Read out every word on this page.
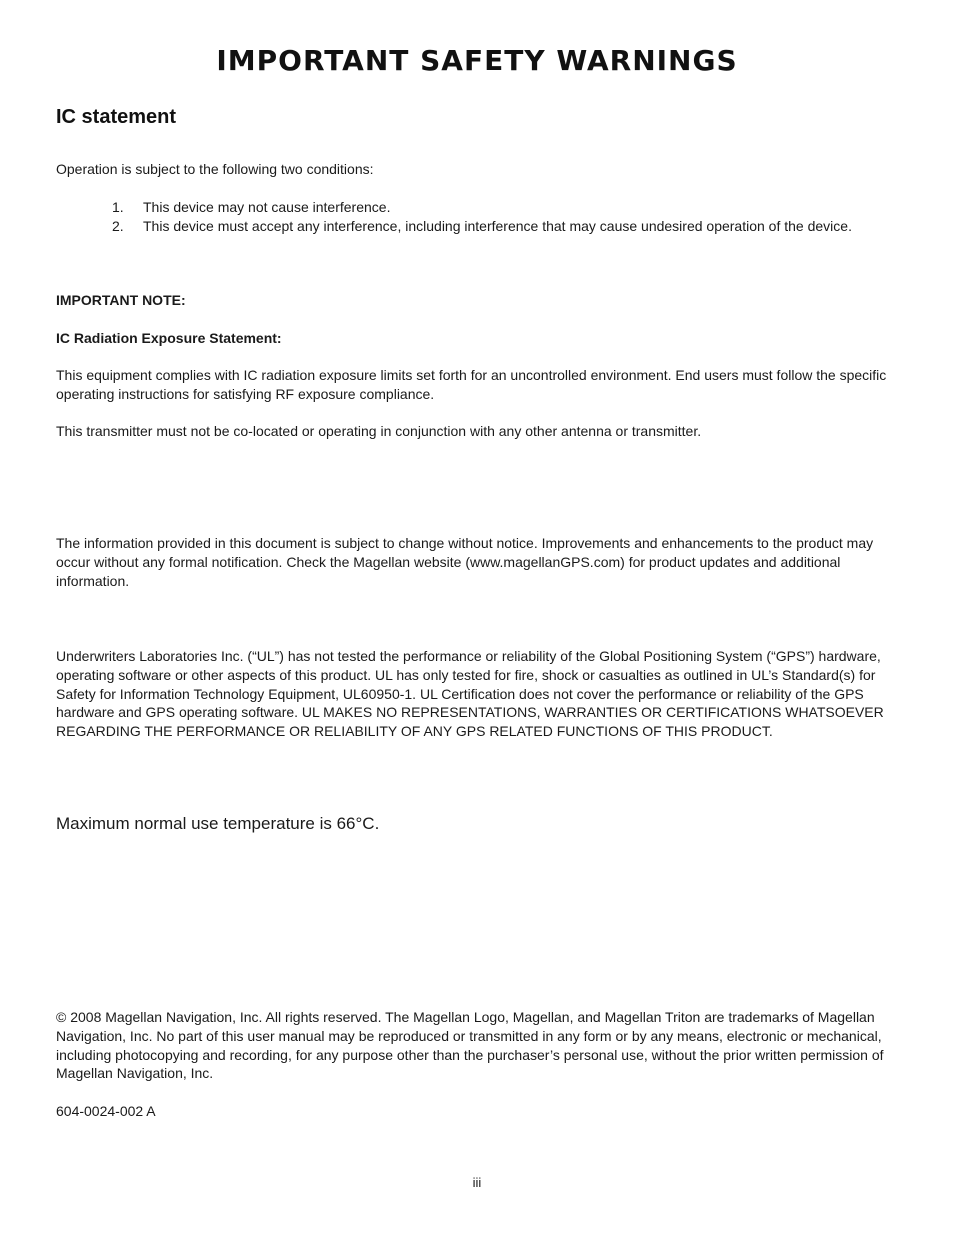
IMPORTANT SAFETY WARNINGS
IC statement

Operation is subject to the following two conditions:

1. This device may not cause interference.
2. This device must accept any interference, including interference that may cause undesired operation of the device.

IMPORTANT NOTE:

IC Radiation Exposure Statement:

This equipment complies with IC radiation exposure limits set forth for an uncontrolled environment. End users must follow the specific operating instructions for satisfying RF exposure compliance.

This transmitter must not be co-located or operating in conjunction with any other antenna or transmitter.

The information provided in this document is subject to change without notice. Improvements and enhancements to the product may occur without any formal notification. Check the Magellan website (www.magellanGPS.com) for product updates and additional information.

Underwriters Laboratories Inc. (“UL”) has not tested the performance or reliability of the Global Positioning System (“GPS”) hardware, operating software or other aspects of this product. UL has only tested for fire, shock or casualties as outlined in UL’s Standard(s) for Safety for Information Technology Equipment, UL60950-1. UL Certification does not cover the performance or reliability of the GPS hardware and GPS operating software. UL MAKES NO REPRESENTATIONS, WARRANTIES OR CERTIFICATIONS WHATSOEVER REGARDING THE PERFORMANCE OR RELIABILITY OF ANY GPS RELATED FUNCTIONS OF THIS PRODUCT.

Maximum normal use temperature is 66°C.

© 2008 Magellan Navigation, Inc. All rights reserved. The Magellan Logo, Magellan, and Magellan Triton are trademarks of Magellan Navigation, Inc. No part of this user manual may be reproduced or transmitted in any form or by any means, electronic or mechanical, including photocopying and recording, for any purpose other than the purchaser’s personal use, without the prior written permission of Magellan Navigation, Inc.

604-0024-002 A

iii
